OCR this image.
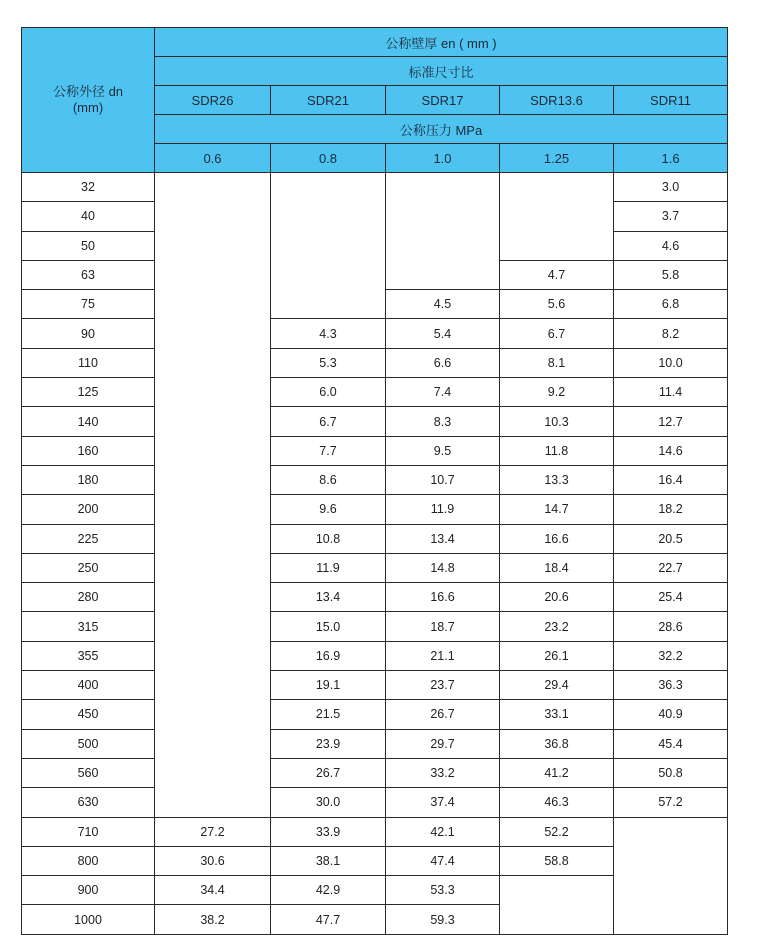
公称外径 dn
(mm)	公称壁厚 en ( mm )				
	标准尺寸比				
	SDR26	SDR21	SDR17	SDR13.6	SDR11
	公称压力 MPa				
	0.6	0.8	1.0	1.25	1.6
32					3.0
40					3.7
50					4.6
63				4.7	5.8
75			4.5	5.6	6.8
90		4.3	5.4	6.7	8.2
110		5.3	6.6	8.1	10.0
125		6.0	7.4	9.2	11.4
140		6.7	8.3	10.3	12.7
160		7.7	9.5	11.8	14.6
180		8.6	10.7	13.3	16.4
200		9.6	11.9	14.7	18.2
225		10.8	13.4	16.6	20.5
250		11.9	14.8	18.4	22.7
280		13.4	16.6	20.6	25.4
315		15.0	18.7	23.2	28.6
355		16.9	21.1	26.1	32.2
400		19.1	23.7	29.4	36.3
450		21.5	26.7	33.1	40.9
500		23.9	29.7	36.8	45.4
560		26.7	33.2	41.2	50.8
630		30.0	37.4	46.3	57.2
710	27.2	33.9	42.1	52.2	
800	30.6	38.1	47.4	58.8	
900	34.4	42.9	53.3		
1000	38.2	47.7	59.3		
